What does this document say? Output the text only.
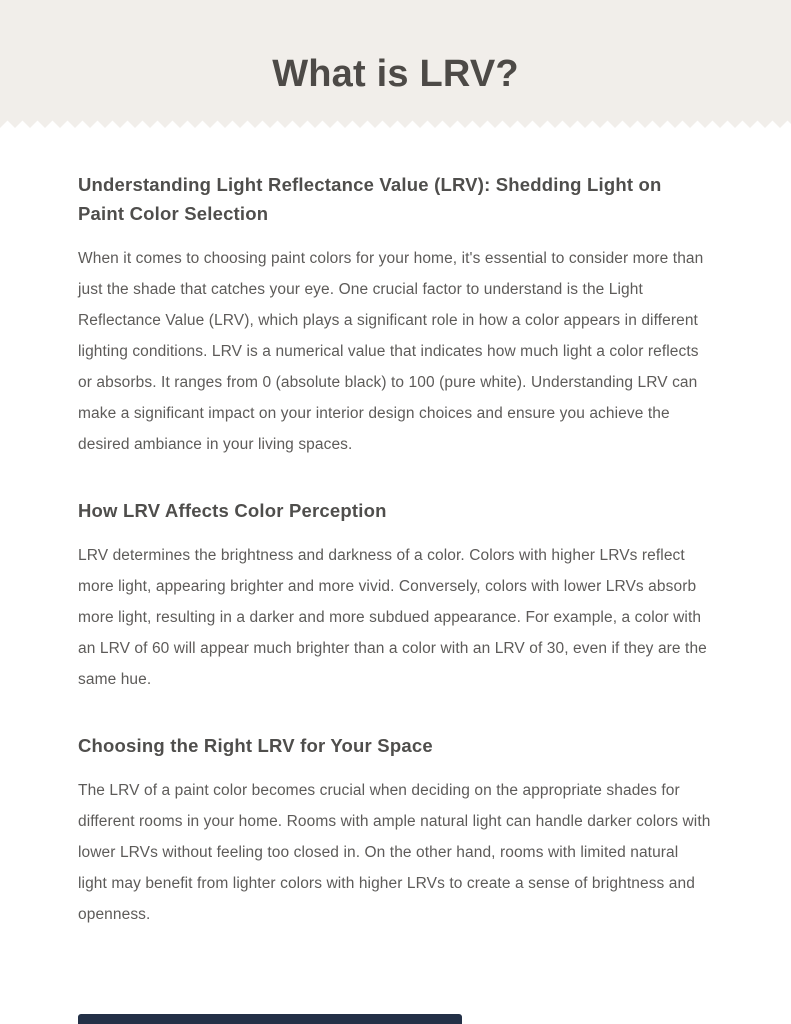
What is LRV?
Understanding Light Reflectance Value (LRV): Shedding Light on Paint Color Selection

When it comes to choosing paint colors for your home, it's essential to consider more than just the shade that catches your eye. One crucial factor to understand is the Light Reflectance Value (LRV), which plays a significant role in how a color appears in different lighting conditions. LRV is a numerical value that indicates how much light a color reflects or absorbs. It ranges from 0 (absolute black) to 100 (pure white). Understanding LRV can make a significant impact on your interior design choices and ensure you achieve the desired ambiance in your living spaces.

How LRV Affects Color Perception

LRV determines the brightness and darkness of a color. Colors with higher LRVs reflect more light, appearing brighter and more vivid. Conversely, colors with lower LRVs absorb more light, resulting in a darker and more subdued appearance. For example, a color with an LRV of 60 will appear much brighter than a color with an LRV of 30, even if they are the same hue.

Choosing the Right LRV for Your Space

The LRV of a paint color becomes crucial when deciding on the appropriate shades for different rooms in your home. Rooms with ample natural light can handle darker colors with lower LRVs without feeling too closed in. On the other hand, rooms with limited natural light may benefit from lighter colors with higher LRVs to create a sense of brightness and openness.
